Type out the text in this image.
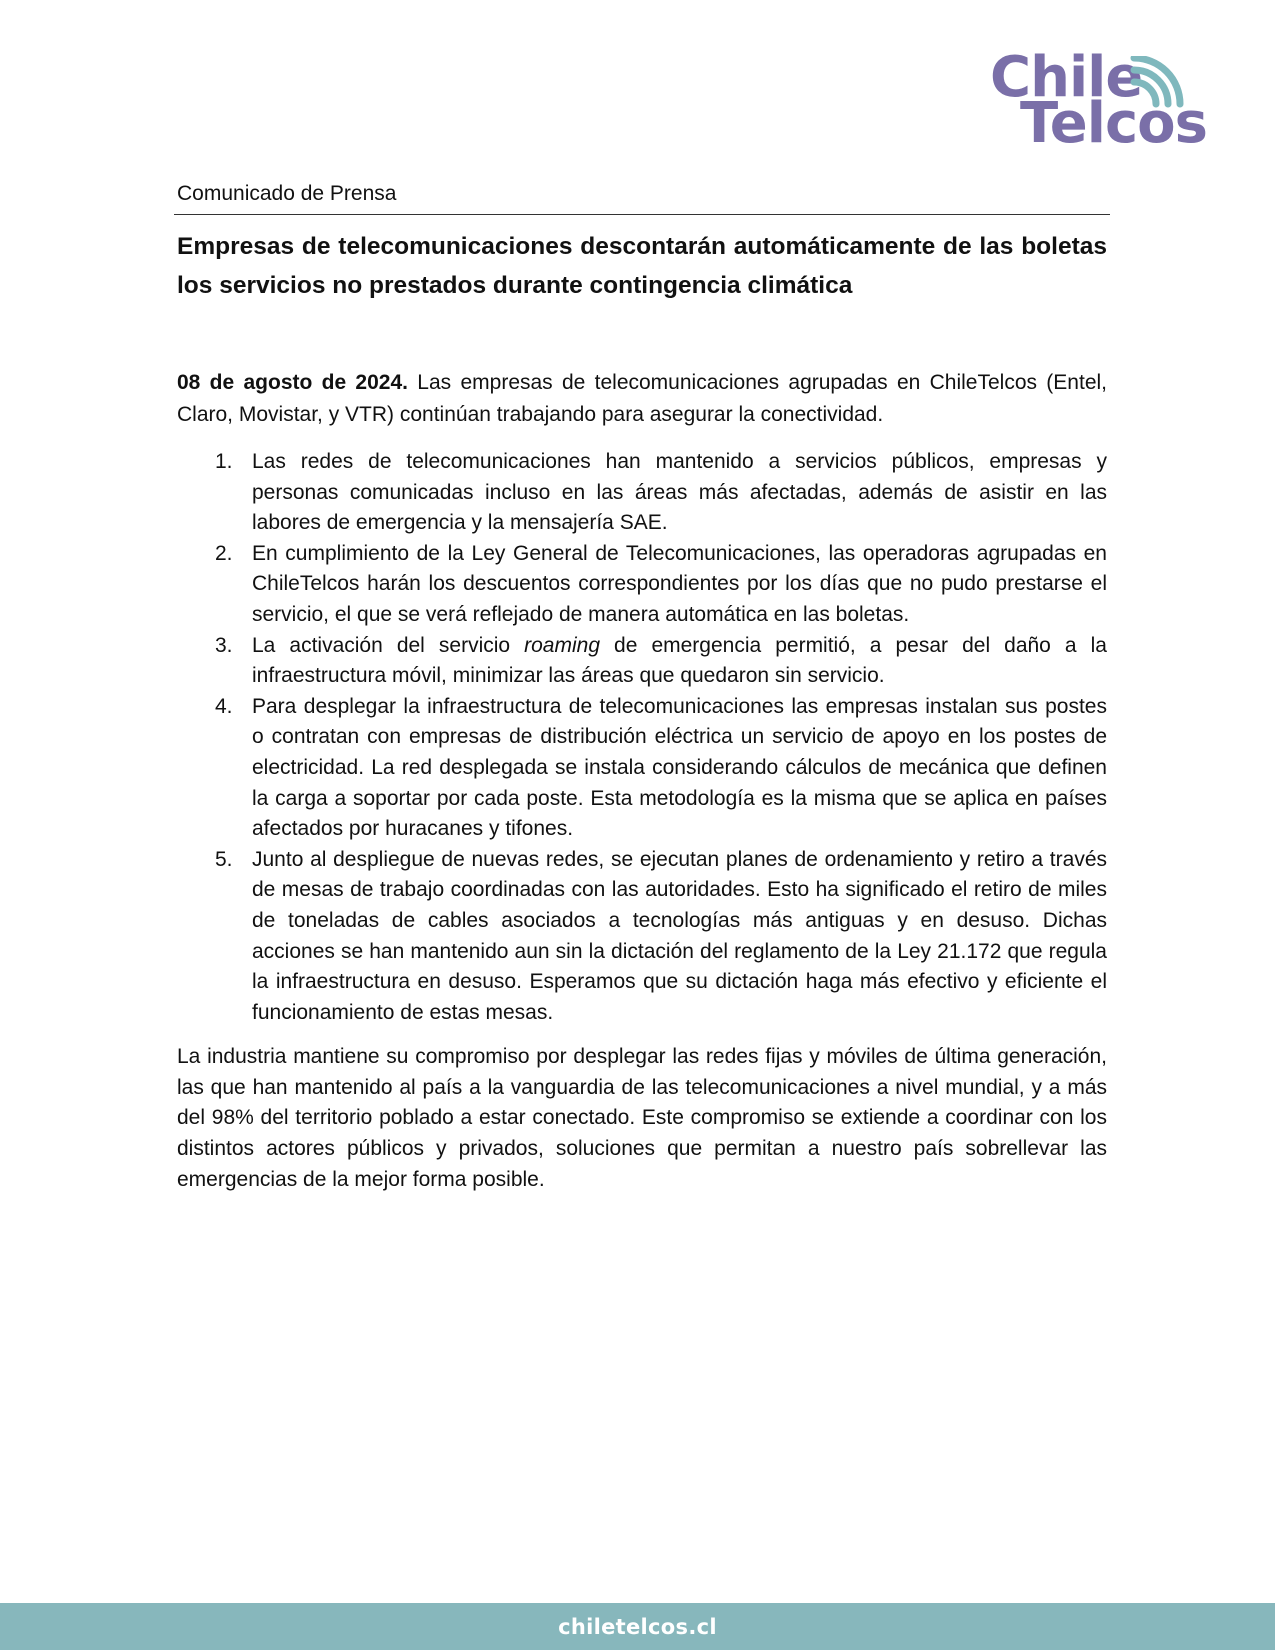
Chile
Telcos
Comunicado de Prensa
Empresas de telecomunicaciones descontarán automáticamente de las boletas los servicios no prestados durante contingencia climática

08 de agosto de 2024. Las empresas de telecomunicaciones agrupadas en ChileTelcos (Entel, Claro, Movistar, y VTR) continúan trabajando para asegurar la conectividad.

1. Las redes de telecomunicaciones han mantenido a servicios públicos, empresas y personas comunicadas incluso en las áreas más afectadas, además de asistir en las labores de emergencia y la mensajería SAE.
2. En cumplimiento de la Ley General de Telecomunicaciones, las operadoras agrupadas en ChileTelcos harán los descuentos correspondientes por los días que no pudo prestarse el servicio, el que se verá reflejado de manera automática en las boletas.
3. La activación del servicio roaming de emergencia permitió, a pesar del daño a la infraestructura móvil, minimizar las áreas que quedaron sin servicio.
4. Para desplegar la infraestructura de telecomunicaciones las empresas instalan sus postes o contratan con empresas de distribución eléctrica un servicio de apoyo en los postes de electricidad. La red desplegada se instala considerando cálculos de mecánica que definen la carga a soportar por cada poste. Esta metodología es la misma que se aplica en países afectados por huracanes y tifones.
5. Junto al despliegue de nuevas redes, se ejecutan planes de ordenamiento y retiro a través de mesas de trabajo coordinadas con las autoridades. Esto ha significado el retiro de miles de toneladas de cables asociados a tecnologías más antiguas y en desuso. Dichas acciones se han mantenido aun sin la dictación del reglamento de la Ley 21.172 que regula la infraestructura en desuso. Esperamos que su dictación haga más efectivo y eficiente el funcionamiento de estas mesas.

La industria mantiene su compromiso por desplegar las redes fijas y móviles de última generación, las que han mantenido al país a la vanguardia de las telecomunicaciones a nivel mundial, y a más del 98% del territorio poblado a estar conectado. Este compromiso se extiende a coordinar con los distintos actores públicos y privados, soluciones que permitan a nuestro país sobrellevar las emergencias de la mejor forma posible.

chiletelcos.cl
